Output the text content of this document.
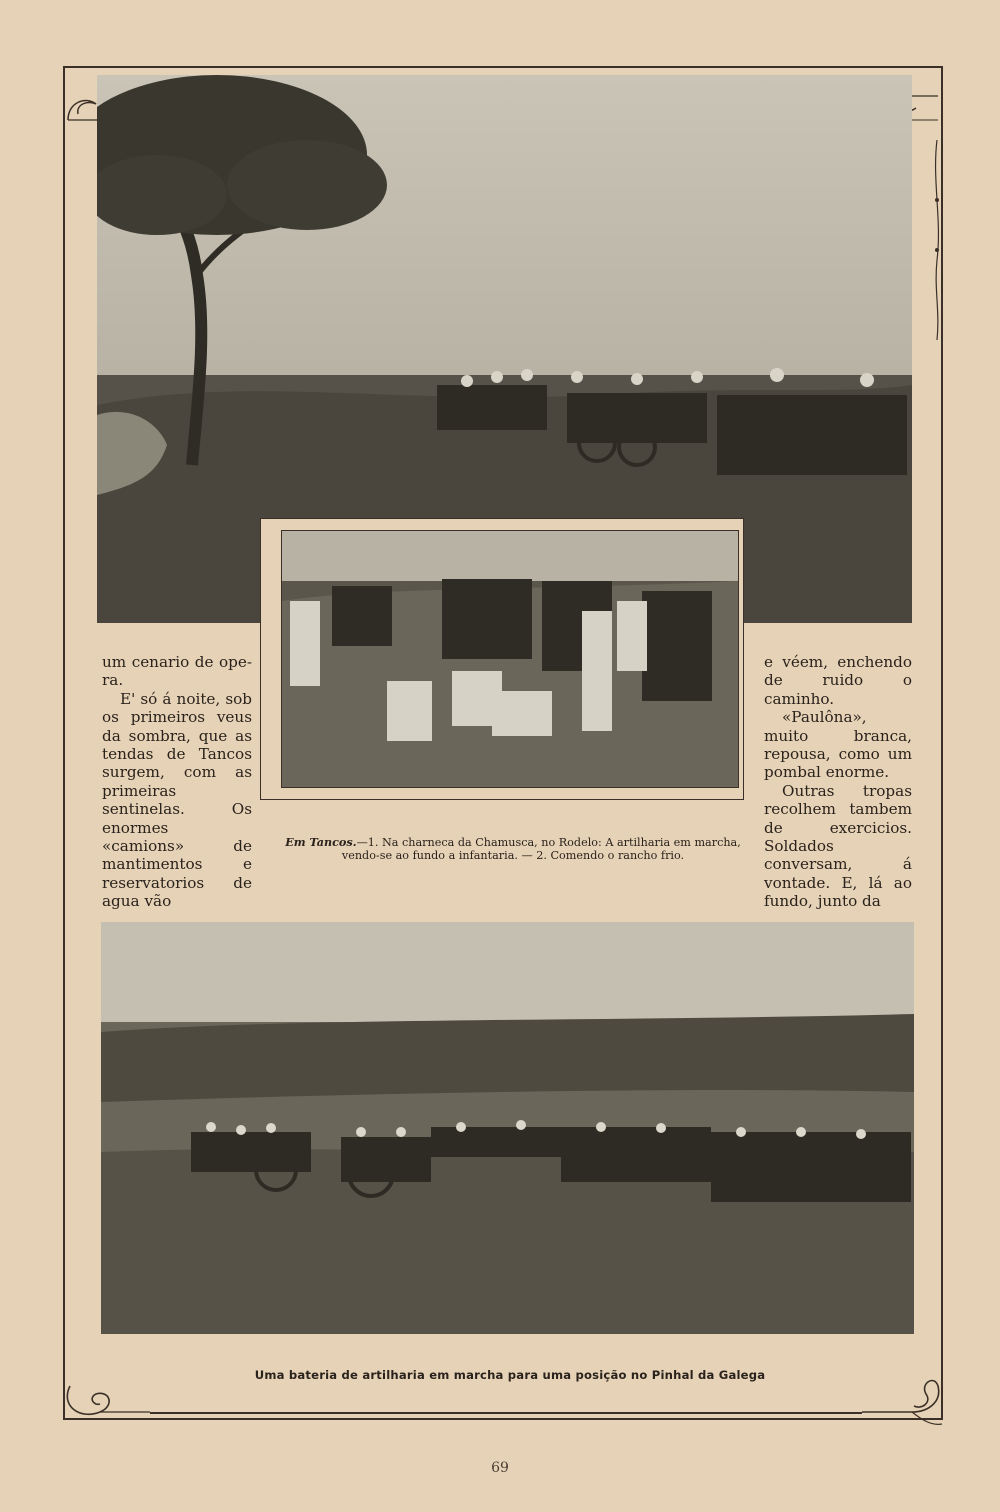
um cenario de ope-ra.

E' só á noite, sob os primeiros veus da sombra, que as tendas de Tancos surgem, com as primeiras sentinelas. Os enormes «camions» de mantimentos e reservatorios de agua vão

e véem, enchendo de ruido o caminho.

«Paulôna», muito branca, repousa, como um pombal enorme.

Outras tropas recolhem tambem de exercicios. Soldados conversam, á vontade. E, lá ao fundo, junto da

Em Tancos.—1. Na charneca da Chamusca, no Rodelo: A artilharia em marcha, vendo-se ao fundo a infantaria. — 2. Comendo o rancho frio.
Uma bateria de artilharia em marcha para uma posição no Pinhal da Galega
69
